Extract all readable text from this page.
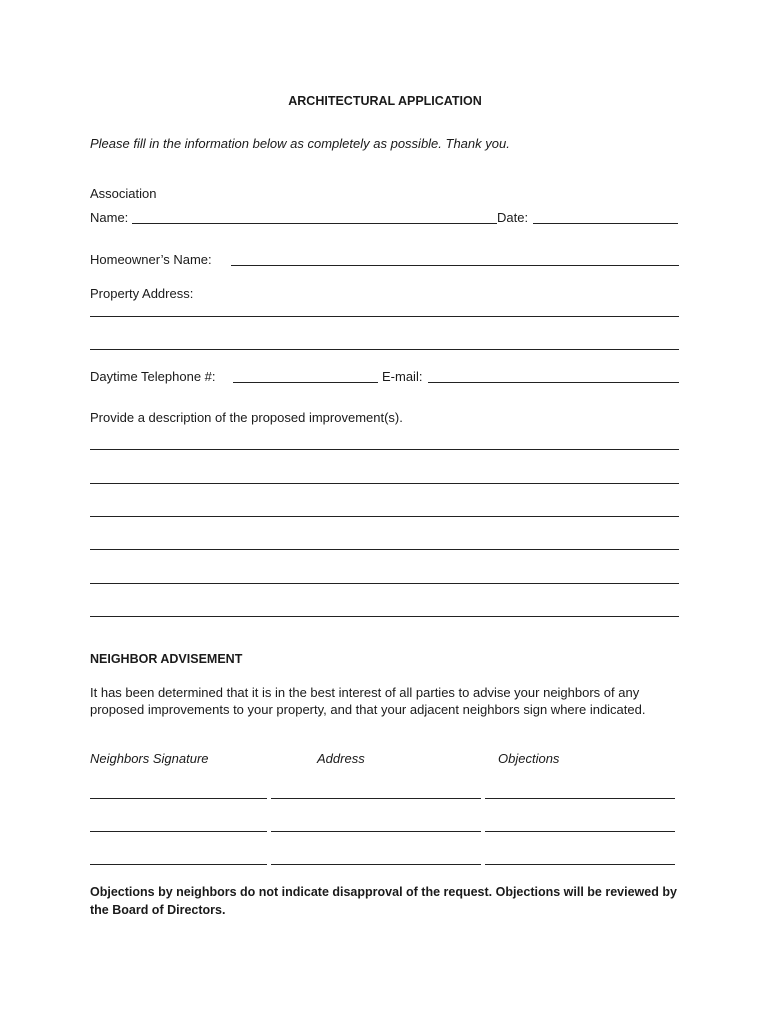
ARCHITECTURAL APPLICATION
Please fill in the information below as completely as possible. Thank you.
Association
Name:	Date:
Homeowner’s Name:
Property Address:
Daytime Telephone #:	E-mail:
Provide a description of the proposed improvement(s).
NEIGHBOR ADVISEMENT
It has been determined that it is in the best interest of all parties to advise your neighbors of any proposed improvements to your property, and that your adjacent neighbors sign where indicated.
Neighbors Signature	Address	Objections
Objections by neighbors do not indicate disapproval of the request. Objections will be reviewed by the Board of Directors.
